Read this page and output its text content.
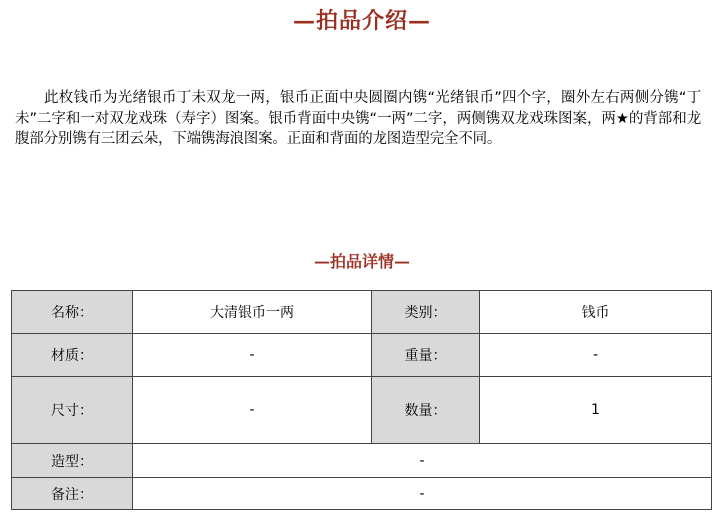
—拍品介绍—

此枚钱币为光绪银币丁未双龙一两，银币正面中央圆圈内镌“光绪银币”四个字，圈外左右两侧分镌“丁未”二字和一对双龙戏珠（寿字）图案。银币背面中央镌“一两”二字，两侧镌双龙戏珠图案，两★的背部和龙腹部分别镌有三团云朵，下端镌海浪图案。正面和背面的龙图造型完全不同。

—拍品详情—
名称：	大清银币一两	类别：	钱币
材质：	-	重量：	-
尺寸：	-	数量：	1
造型：	-		
备注：	-		
